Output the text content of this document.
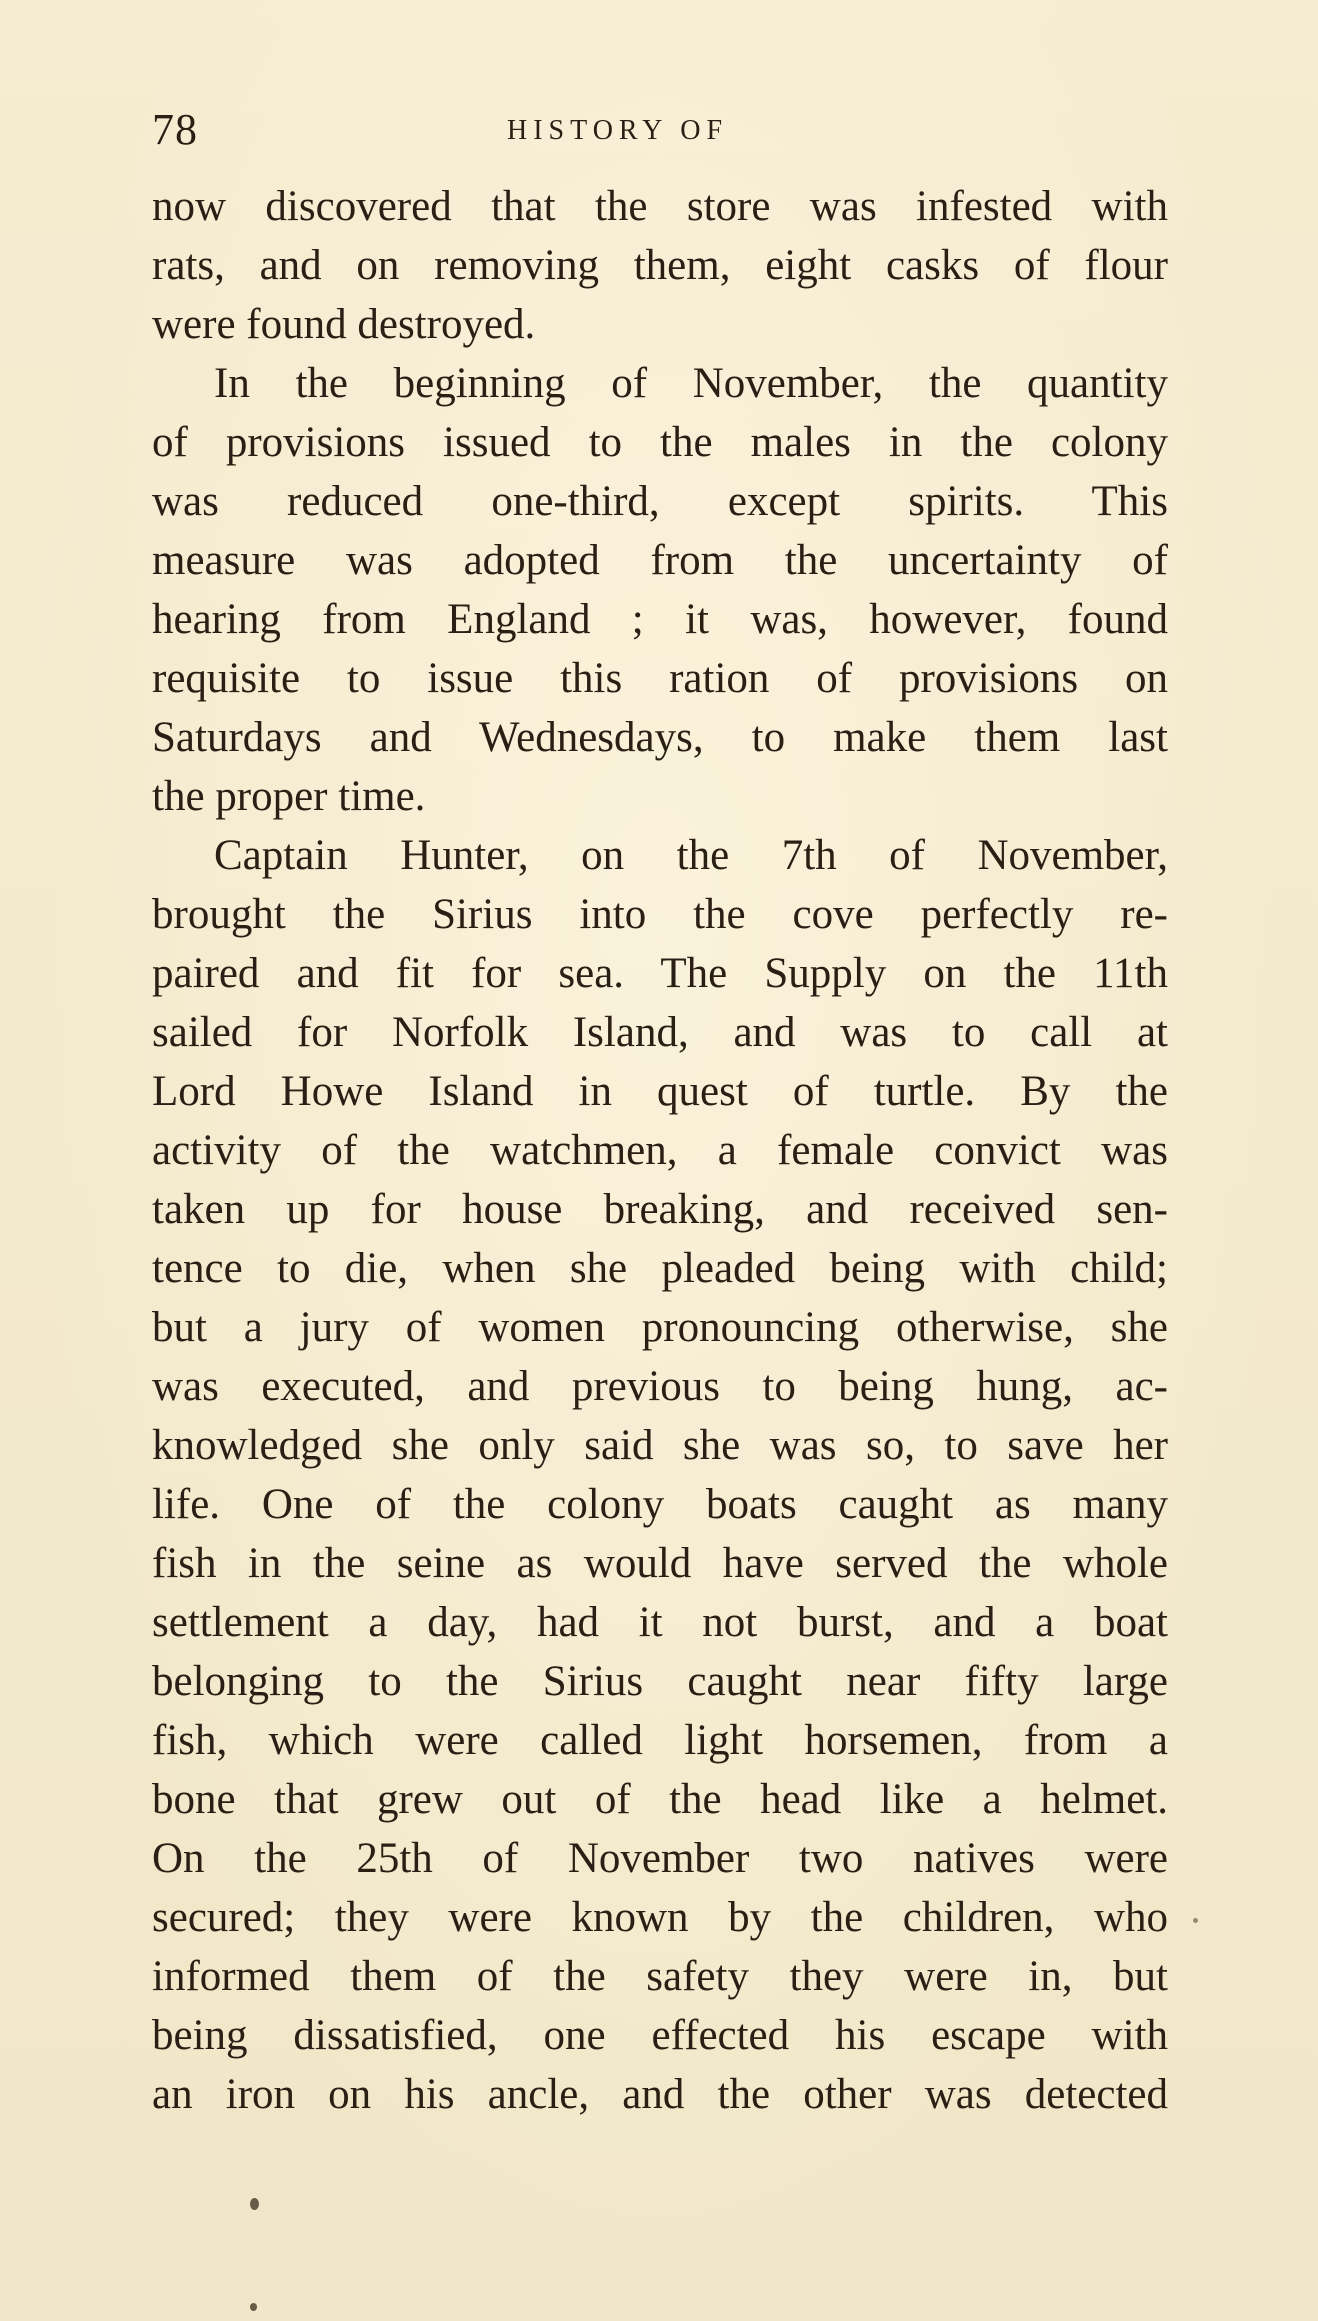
78	HISTORY OF
now discovered that the store was infested with
rats, and on removing them, eight casks of flour
were found destroyed.
In the beginning of November, the quantity
of provisions issued to the males in the colony
was reduced one-third, except spirits. This
measure was adopted from the uncertainty of
hearing from England ; it was, however, found
requisite to issue this ration of provisions on
Saturdays and Wednesdays, to make them last
the proper time.
Captain Hunter, on the 7th of November,
brought the Sirius into the cove perfectly re-
paired and fit for sea. The Supply on the 11th
sailed for Norfolk Island, and was to call at
Lord Howe Island in quest of turtle. By the
activity of the watchmen, a female convict was
taken up for house breaking, and received sen-
tence to die, when she pleaded being with child;
but a jury of women pronouncing otherwise, she
was executed, and previous to being hung, ac-
knowledged she only said she was so, to save her
life. One of the colony boats caught as many
fish in the seine as would have served the whole
settlement a day, had it not burst, and a boat
belonging to the Sirius caught near fifty large
fish, which were called light horsemen, from a
bone that grew out of the head like a helmet.
On the 25th of November two natives were
secured; they were known by the children, who
informed them of the safety they were in, but
being dissatisfied, one effected his escape with
an iron on his ancle, and the other was detected
